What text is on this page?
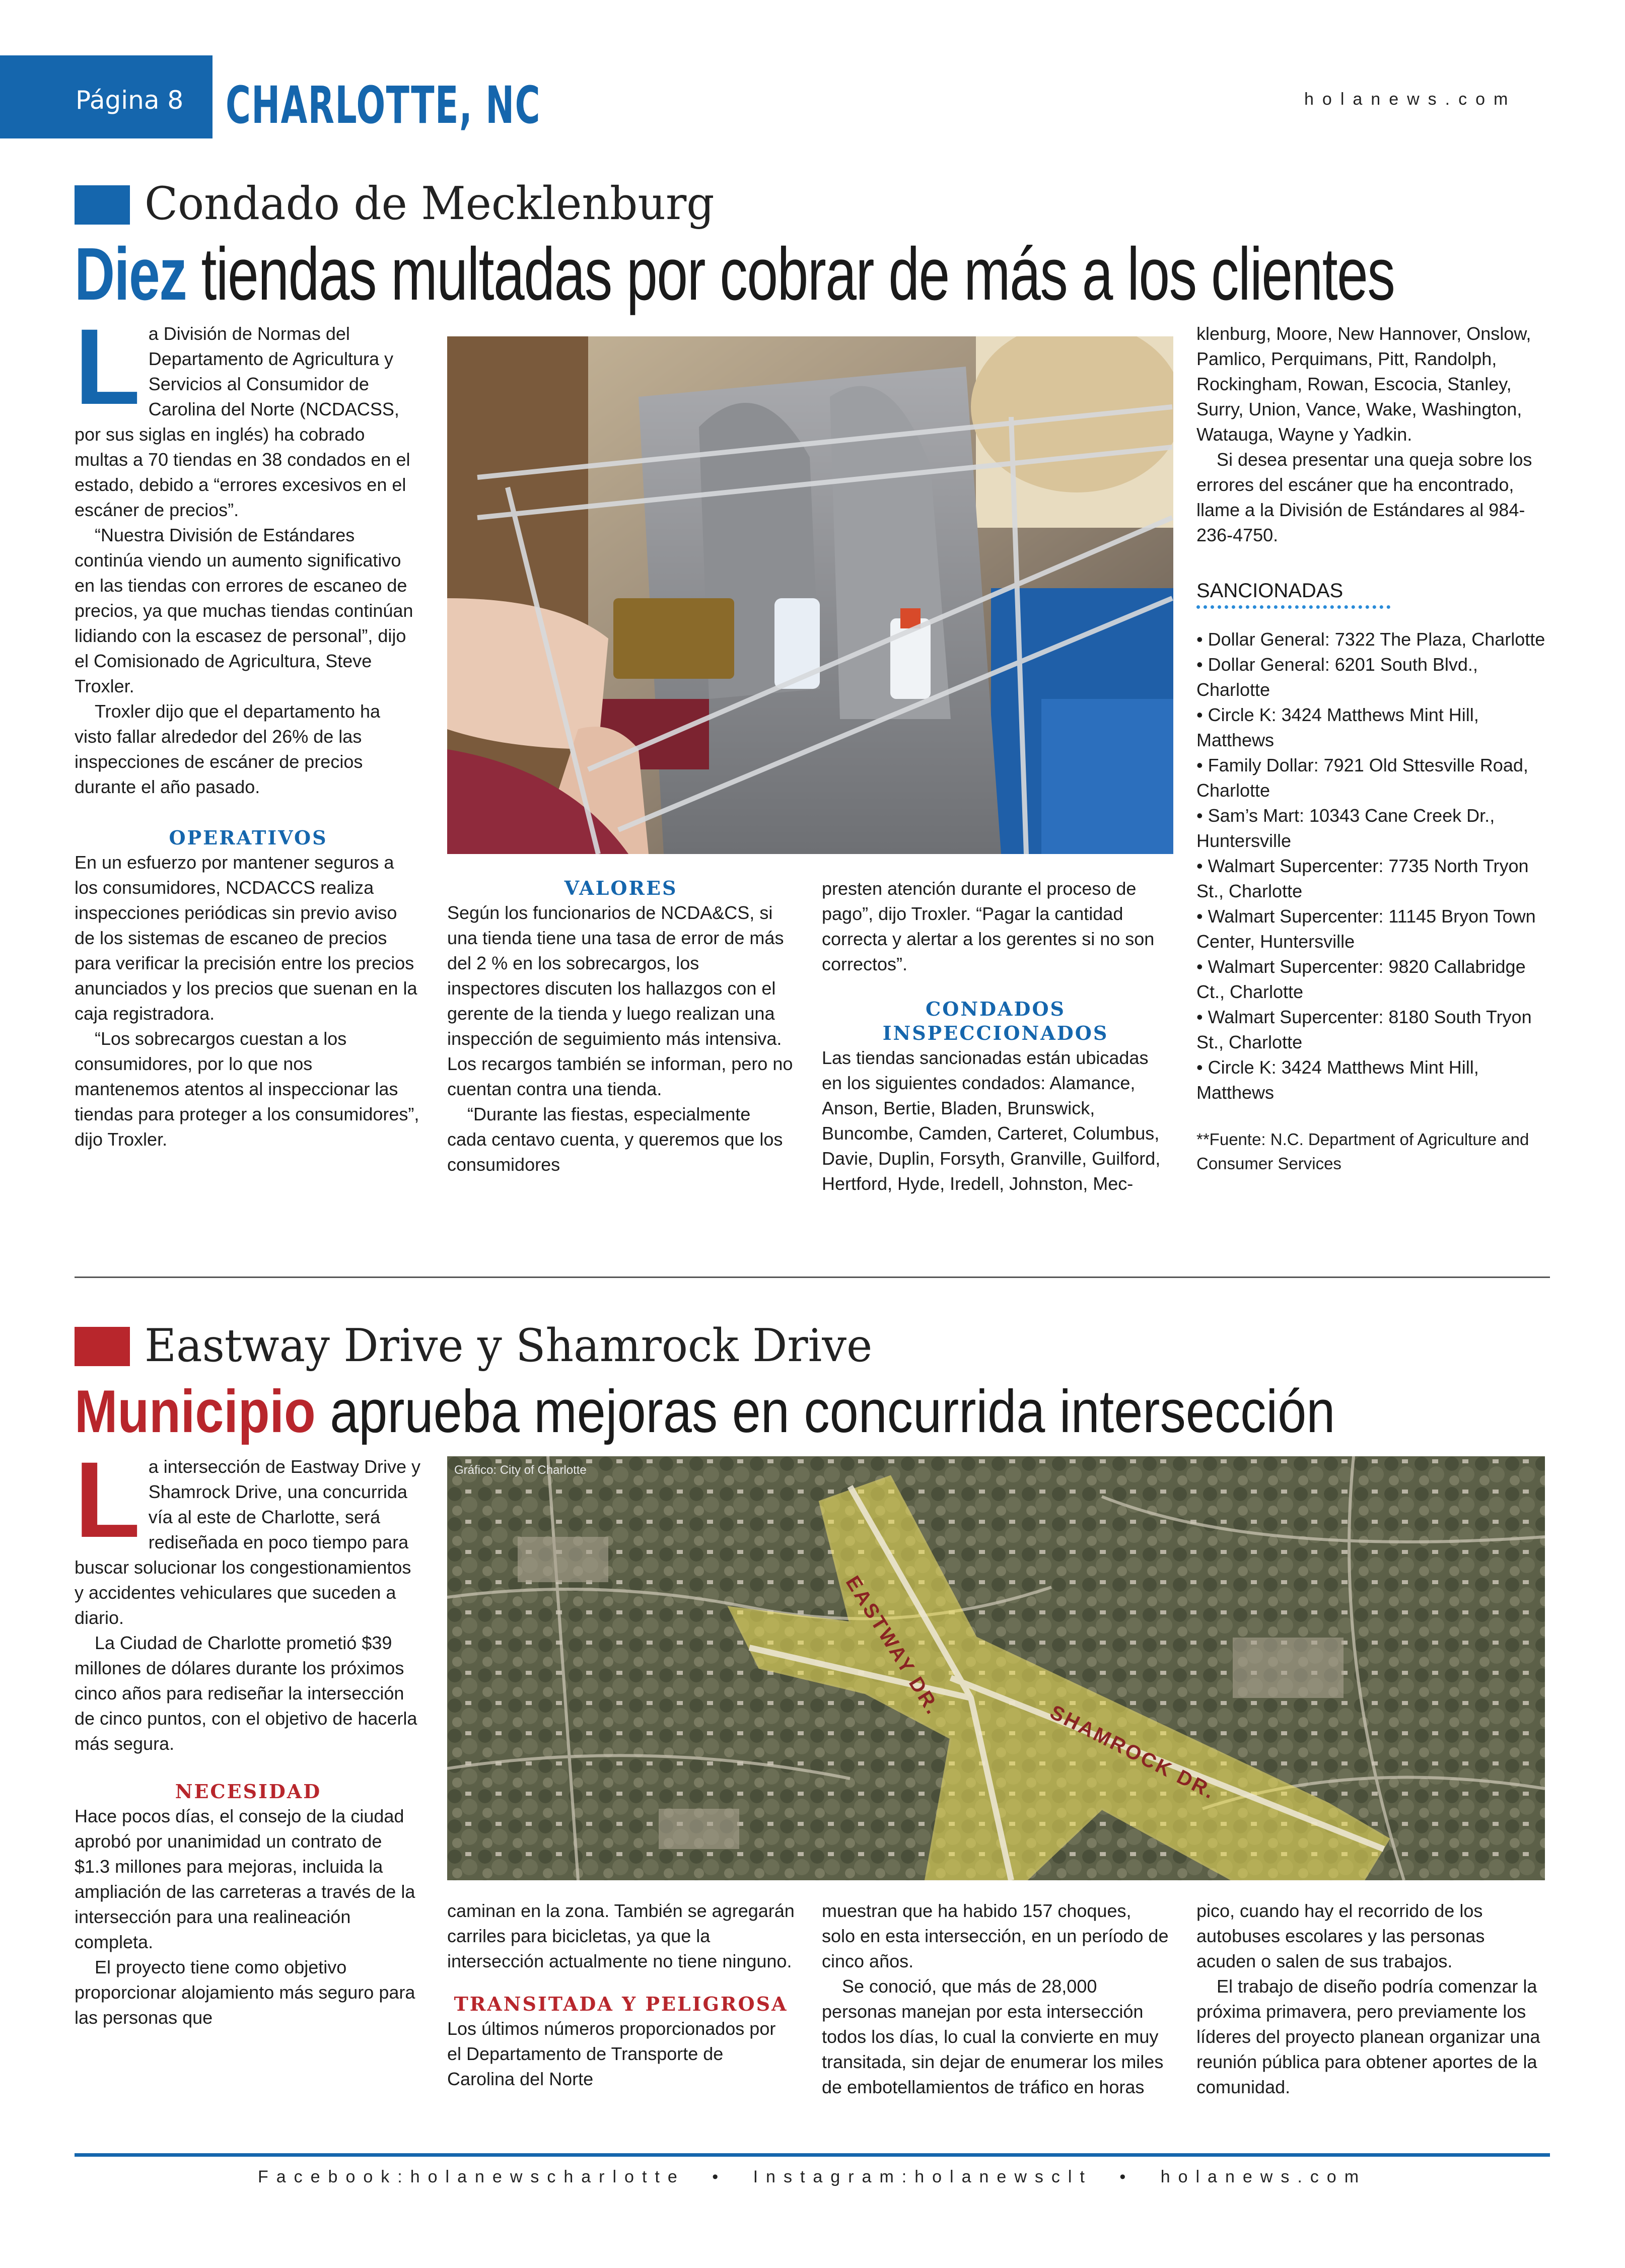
Página 8 CHARLOTTE, NC	holanews.com
Condado de Mecklenburg
Diez tiendas multadas por cobrar de más a los clientes
L a División de Normas del Departamento de Agricultura y Servicios al Consumidor de Carolina del Norte (NCDACSS, por sus siglas en inglés) ha cobrado multas a 70 tiendas en 38 condados en el estado, debido a “errores excesivos en el escáner de precios”.

“Nuestra División de Estándares continúa viendo un aumento significativo en las tiendas con errores de escaneo de precios, ya que muchas tiendas continúan lidiando con la escasez de personal”, dijo el Comisionado de Agricultura, Steve Troxler.

Troxler dijo que el departamento ha visto fallar alrededor del 26% de las inspecciones de escáner de precios durante el año pasado.

OPERATIVOS

En un esfuerzo por mantener seguros a los consumidores, NCDACCS realiza inspecciones periódicas sin previo aviso de los sistemas de escaneo de precios para verificar la precisión entre los precios anunciados y los precios que suenan en la caja registradora.

“Los sobrecargos cuestan a los consumidores, por lo que nos mantenemos atentos al inspeccionar las tiendas para proteger a los consumidores”, dijo Troxler.

VALORES

Según los funcionarios de NCDA&CS, si una tienda tiene una tasa de error de más del 2 % en los sobrecargos, los inspectores discuten los hallazgos con el gerente de la tienda y luego realizan una inspección de seguimiento más intensiva. Los recargos también se informan, pero no cuentan contra una tienda.

“Durante las fiestas, especialmente cada centavo cuenta, y queremos que los consumidores

presten atención durante el proceso de pago”, dijo Troxler. “Pagar la cantidad correcta y alertar a los gerentes si no son correctos”.

CONDADOS
INSPECCIONADOS

Las tiendas sancionadas están ubicadas en los siguientes condados: Alamance, Anson, Bertie, Bladen, Brunswick, Buncombe, Camden, Carteret, Columbus, Davie, Duplin, Forsyth, Granville, Guilford, Hertford, Hyde, Iredell, Johnston, Mec-

klenburg, Moore, New Hannover, Onslow, Pamlico, Perquimans, Pitt, Randolph, Rockingham, Rowan, Escocia, Stanley, Surry, Union, Vance, Wake, Washington, Watauga, Wayne y Yadkin.

Si desea presentar una queja sobre los errores del escáner que ha encontrado, llame a la División de Estándares al 984-236-4750.

SANCIONADAS

• Dollar General: 7322 The Plaza, Charlotte

• Dollar General: 6201 South Blvd., Charlotte

• Circle K: 3424 Matthews Mint Hill, Matthews

• Family Dollar: 7921 Old Sttesville Road, Charlotte

• Sam’s Mart: 10343 Cane Creek Dr., Huntersville

• Walmart Supercenter: 7735 North Tryon St., Charlotte

• Walmart Supercenter: 11145 Bryon Town Center, Huntersville

• Walmart Supercenter: 9820 Callabridge Ct., Charlotte

• Walmart Supercenter: 8180 South Tryon St., Charlotte

• Circle K: 3424 Matthews Mint Hill, Matthews

**Fuente: N.C. Department of Agriculture and Consumer Services
Eastway Drive y Shamrock Drive
Municipio aprueba mejoras en concurrida intersección
L a intersección de Eastway Drive y Shamrock Drive, una concurrida vía al este de Charlotte, será rediseñada en poco tiempo para buscar solucionar los congestionamientos y accidentes vehiculares que suceden a diario.

La Ciudad de Charlotte prometió $39 millones de dólares durante los próximos cinco años para rediseñar la intersección de cinco puntos, con el objetivo de hacerla más segura.

NECESIDAD

Hace pocos días, el consejo de la ciudad aprobó por unanimidad un contrato de $1.3 millones para mejoras, incluida la ampliación de las carreteras a través de la intersección para una realineación completa.

El proyecto tiene como objetivo proporcionar alojamiento más seguro para las personas que

Gráfico: City of Charlotte
EASTWAY DR.
SHAMROCK DR.

caminan en la zona. También se agregarán carriles para bicicletas, ya que la intersección actualmente no tiene ninguno.

TRANSITADA Y PELIGROSA

Los últimos números proporcionados por el Departamento de Transporte de Carolina del Norte

muestran que ha habido 157 choques, solo en esta intersección, en un período de cinco años.

Se conoció, que más de 28,000 personas manejan por esta intersección todos los días, lo cual la convierte en muy transitada, sin dejar de enumerar los miles de embotellamientos de tráfico en horas

pico, cuando hay el recorrido de los autobuses escolares y las personas acuden o salen de sus trabajos.

El trabajo de diseño podría comenzar la próxima primavera, pero previamente los líderes del proyecto planean organizar una reunión pública para obtener aportes de la comunidad.

Facebook:holanewscharlotte • Instagram:holanewsclt • holanews.com
